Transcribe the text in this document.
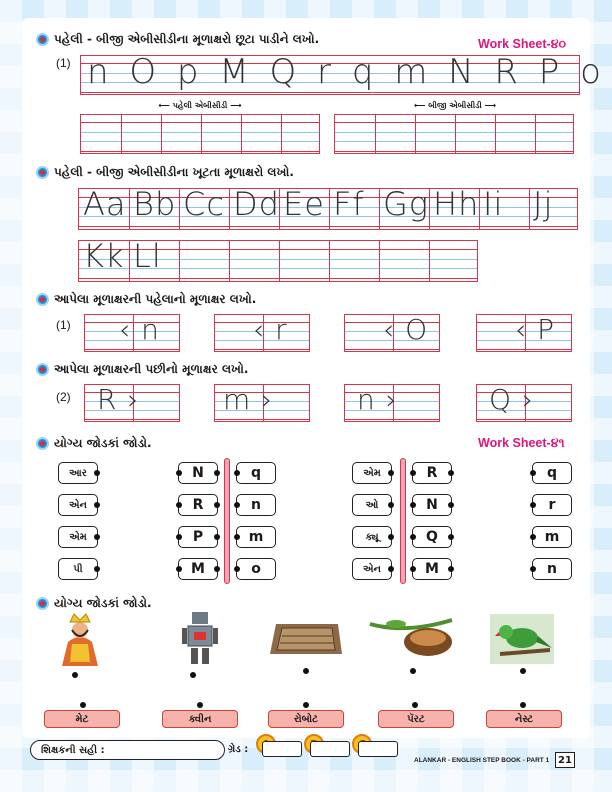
પહેલી - બીજી એબીસીડીના મૂળાક્ષરો છૂટા પાડીને લખો.	Work Sheet-૪૦
(1) n O p M Q r q m N R P o
⟵ પહેલી એબીસીડી ⟶	⟵ બીજી એબીસીડી ⟶
પહેલી - બીજી એબીસીડીના ખૂટતા મૂળાક્ષરો લખો.
Aa Bb Cc Dd Ee Ff Gg Hh Ii Jj
Kk Ll
આપેલા મૂળાક્ષરની પહેલાનો મૂળાક્ષર લખો.
(1) ‹ n	‹ r	‹ O	‹ P
આપેલા મૂળાક્ષરની પછીનો મૂળાક્ષર લખો.
(2) R ›	m ›	n ›	Q ›
યોગ્ય જોડકાં જોડો.	Work Sheet-૪૧
આર
એન
એમ
પી
N
R
P
M
q
n
m
o
એમ
ઓ
ક્યૂ
એન
R
N
Q
M
q
r
m
n
યોગ્ય જોડકાં જોડો.
મેટ	ક્વીન	રોબોટ	પૅરટ	નેસ્ટ
શિક્ષકની સહી :	ગ્રેડ :
ALANKAR - ENGLISH STEP BOOK - PART 1 21
